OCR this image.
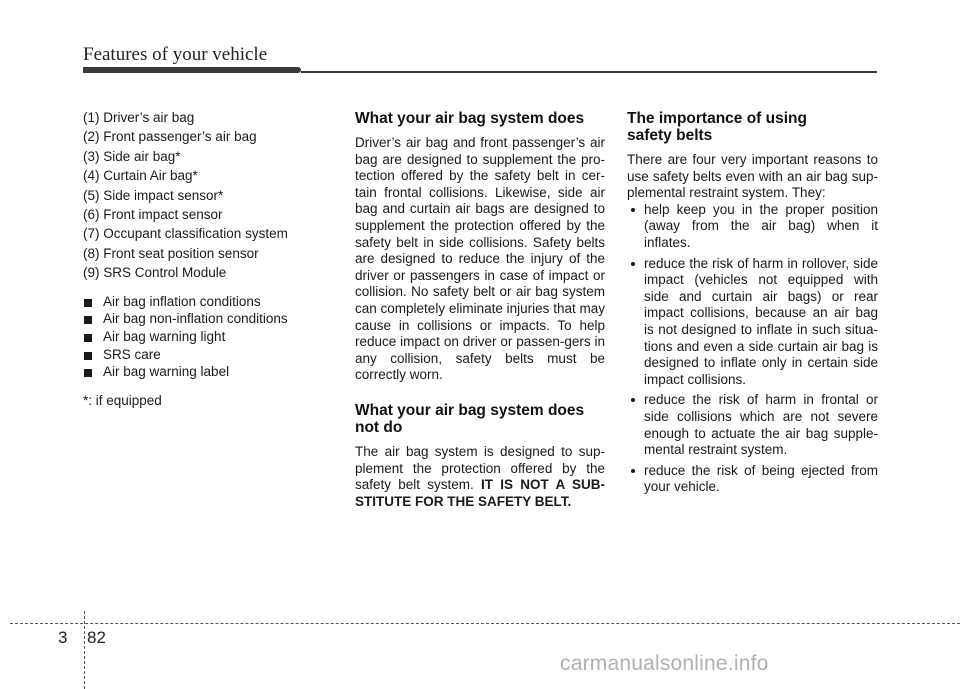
Features of your vehicle
(1) Driver’s air bag
(2) Front passenger’s air bag
(3) Side air bag*
(4) Curtain Air bag*
(5) Side impact sensor*
(6) Front impact sensor
(7) Occupant classification system
(8) Front seat position sensor
(9) SRS Control Module
Air bag inflation conditions
Air bag non-inflation conditions
Air bag warning light
SRS care
Air bag warning label
*: if equipped
What your air bag system does

Driver’s air bag and front passenger’s air bag are designed to supplement the pro-tection offered by the safety belt in cer-tain frontal collisions. Likewise, side air bag and curtain air bags are designed to supplement the protection offered by the safety belt in side collisions. Safety belts are designed to reduce the injury of the driver or passengers in case of impact or collision. No safety belt or air bag system can completely eliminate injuries that may cause in collisions or impacts. To help reduce impact on driver or passen-gers in any collision, safety belts must be correctly worn.

What your air bag system does not do

The air bag system is designed to sup-plement the protection offered by the safety belt system. IT IS NOT A SUB-STITUTE FOR THE SAFETY BELT.

The importance of using safety belts

There are four very important reasons to use safety belts even with an air bag sup-plemental restraint system. They:

help keep you in the proper position (away from the air bag) when it inflates.
reduce the risk of harm in rollover, side impact (vehicles not equipped with side and curtain air bags) or rear impact collisions, because an air bag is not designed to inflate in such situa-tions and even a side curtain air bag is designed to inflate only in certain side impact collisions.
reduce the risk of harm in frontal or side collisions which are not severe enough to actuate the air bag supple-mental restraint system.
reduce the risk of being ejected from your vehicle.
3 82
carmanualsonline.info
